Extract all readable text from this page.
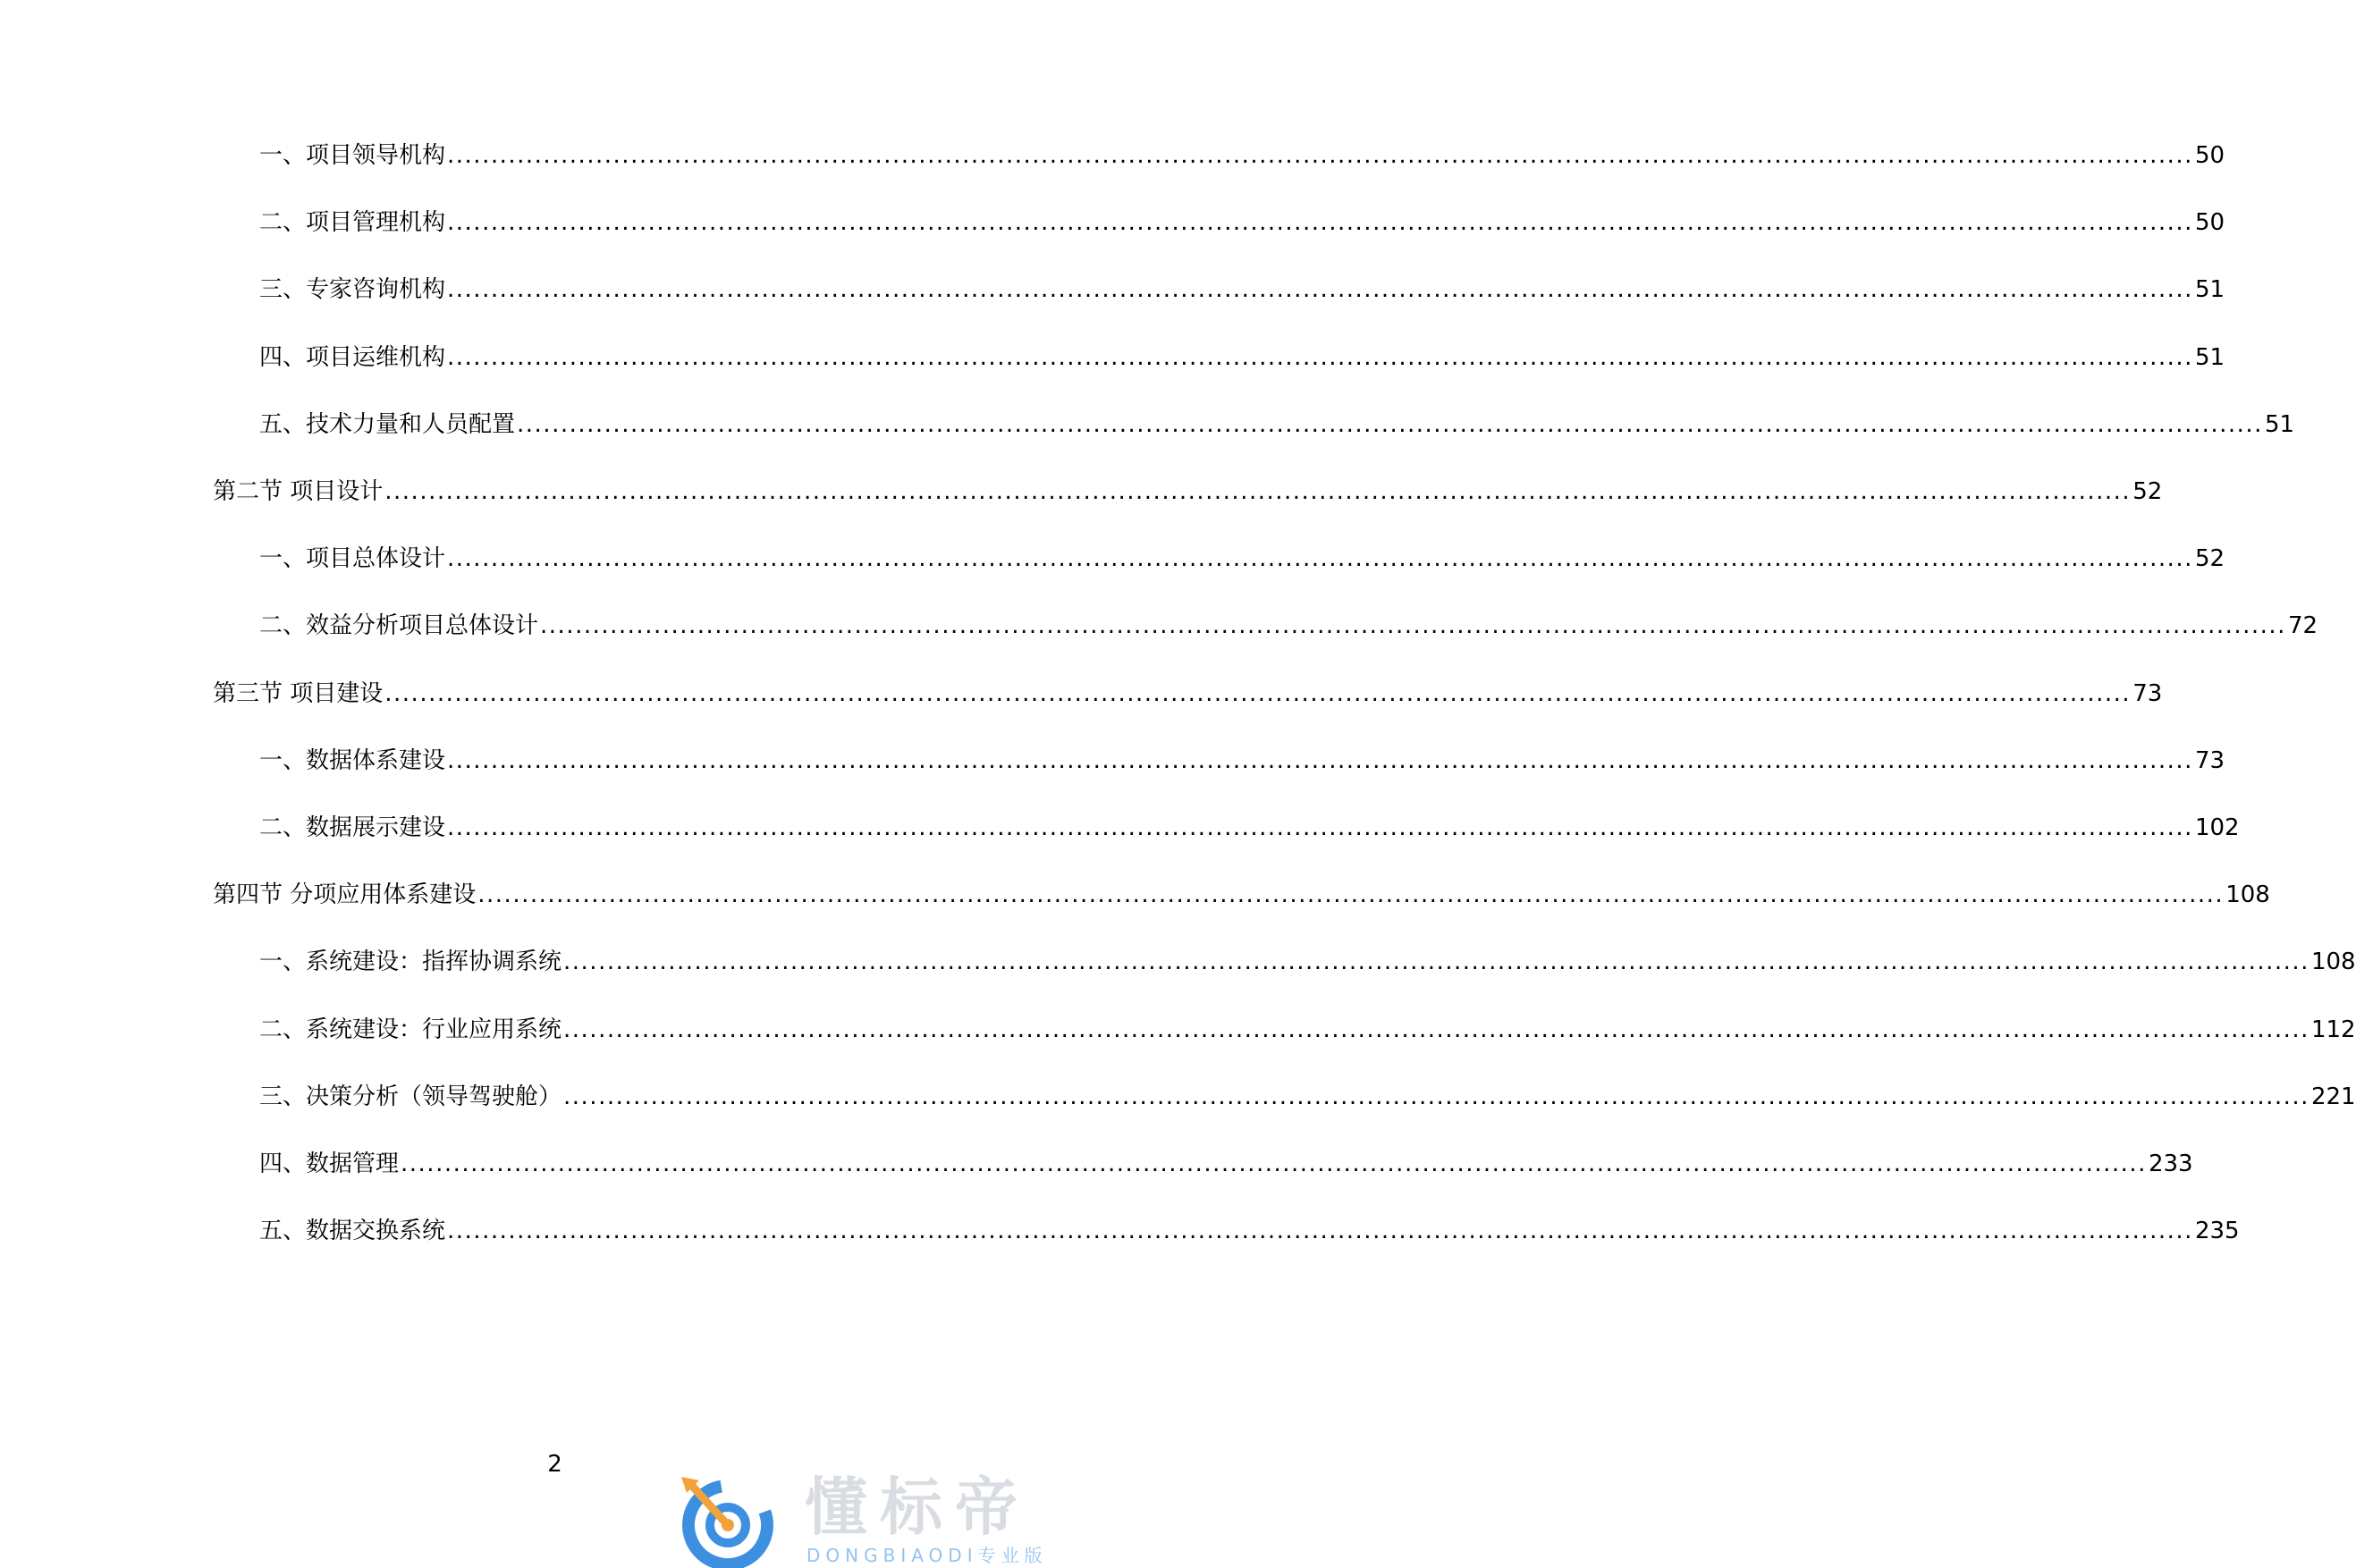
一、项目领导机构 ........................................................................................................................................................................................................ 50
二、项目管理机构 ........................................................................................................................................................................................................ 50
三、专家咨询机构 ........................................................................................................................................................................................................ 51
四、项目运维机构 ........................................................................................................................................................................................................ 51
五、技术力量和人员配置 ........................................................................................................................................................................................................ 51
第二节 项目设计 ........................................................................................................................................................................................................ 52
一、项目总体设计 ........................................................................................................................................................................................................ 52
二、效益分析项目总体设计 ........................................................................................................................................................................................................ 72
第三节 项目建设 ........................................................................................................................................................................................................ 73
一、数据体系建设 ........................................................................................................................................................................................................ 73
二、数据展示建设 ........................................................................................................................................................................................................ 102
第四节 分项应用体系建设 ........................................................................................................................................................................................................ 108
一、系统建设：指挥协调系统 ........................................................................................................................................................................................................ 108
二、系统建设：行业应用系统 ........................................................................................................................................................................................................ 112
三、决策分析（领导驾驶舱） ........................................................................................................................................................................................................ 221
四、数据管理 ........................................................................................................................................................................................................ 233
五、数据交换系统 ........................................................................................................................................................................................................ 235
2
懂标帝
DONGBIAODI专业版
